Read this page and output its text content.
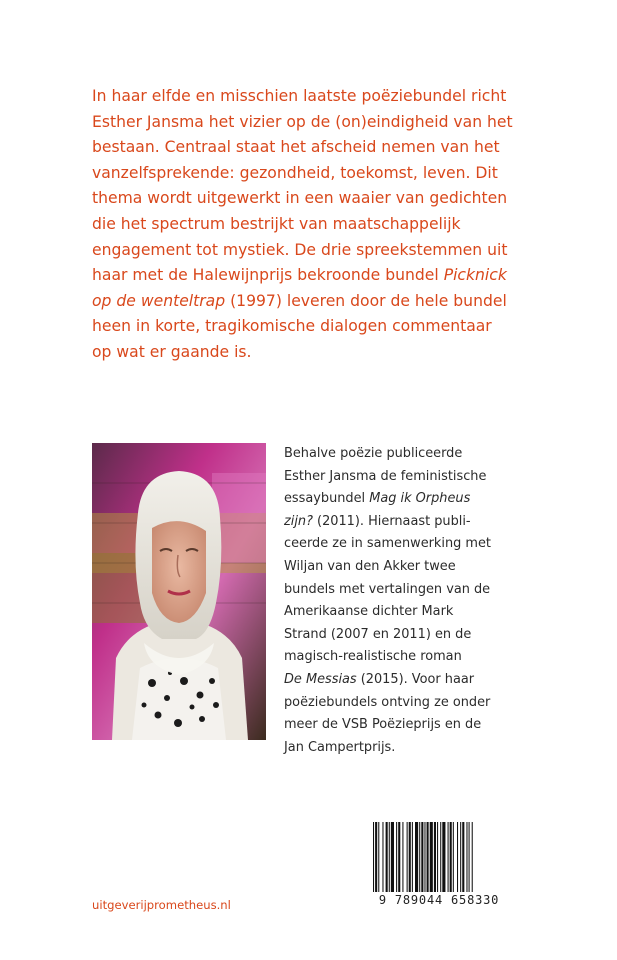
In haar elfde en misschien laatste poëziebundel richt
Esther Jansma het vizier op de (on)eindigheid van het
bestaan. Centraal staat het afscheid nemen van het
vanzelfsprekende: gezondheid, toekomst, leven. Dit
thema wordt uitgewerkt in een waaier van gedichten
die het spectrum bestrijkt van maatschappelijk
engagement tot mystiek. De drie spreekstemmen uit
haar met de Halewijnprijs bekroonde bundel Picknick
op de wenteltrap (1997) leveren door de hele bundel
heen in korte, tragikomische dialogen commentaar
op wat er gaande is.
Behalve poëzie publiceerde
Esther Jansma de feministische
essaybundel Mag ik Orpheus
zijn? (2011). Hiernaast publi-
ceerde ze in samenwerking met
Wiljan van den Akker twee
bundels met vertalingen van de
Amerikaanse dichter Mark
Strand (2007 en 2011) en de
magisch-realistische roman
De Messias (2015). Voor haar
poëziebundels ontving ze onder
meer de VSB Poëzieprijs en de
Jan Campertprijs.
9 789044 658330
uitgeverijprometheus.nl
